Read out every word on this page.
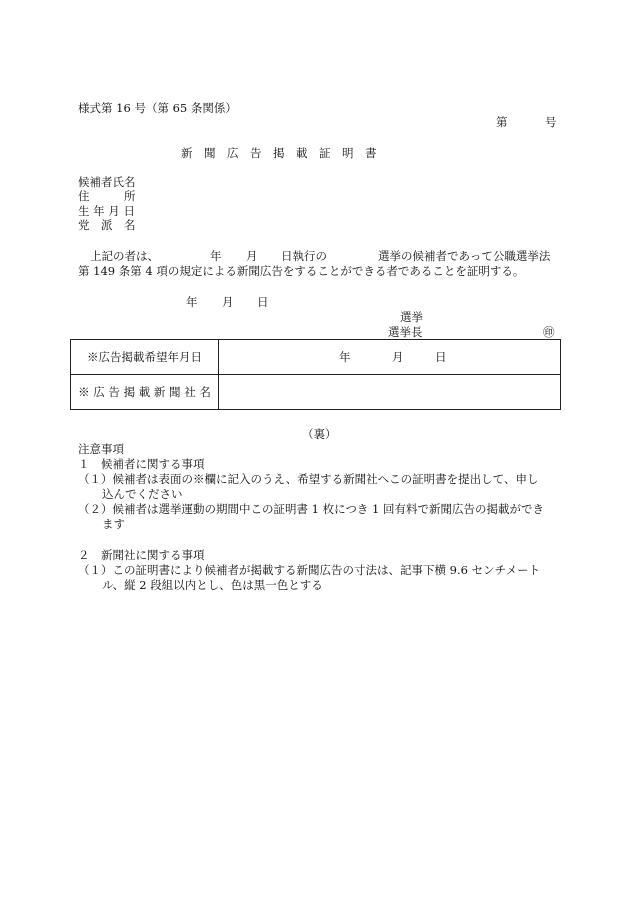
様式第 16 号（第 65 条関係）
第	号
新　聞　広　告　掲　載　証　明　書
候補者氏名
住　　　所
生 年 月 日
党　派　名
上記の者は、	年 月 日執行の	選挙の候補者であって公職選挙法
第 149 条第 4 項の規定による新聞広告をすることができる者であることを証明する。
年 月 日
選挙
選挙長	㊞
※広告掲載希望年月日	年 月 日

※ 広 告 掲 載 新 聞 社 名	
（裏）
注意事項
１　候補者に関する事項
（１）候補者は表面の※欄に記入のうえ、希望する新聞社へこの証明書を提出して、申し
込んでください
（２）候補者は選挙運動の期間中この証明書 1 枚につき 1 回有料で新聞広告の掲載ができ
ます
２　新聞社に関する事項
（１）この証明書により候補者が掲載する新聞広告の寸法は、記事下横 9.6 センチメート
ル、縦 2 段組以内とし、色は黒一色とする
